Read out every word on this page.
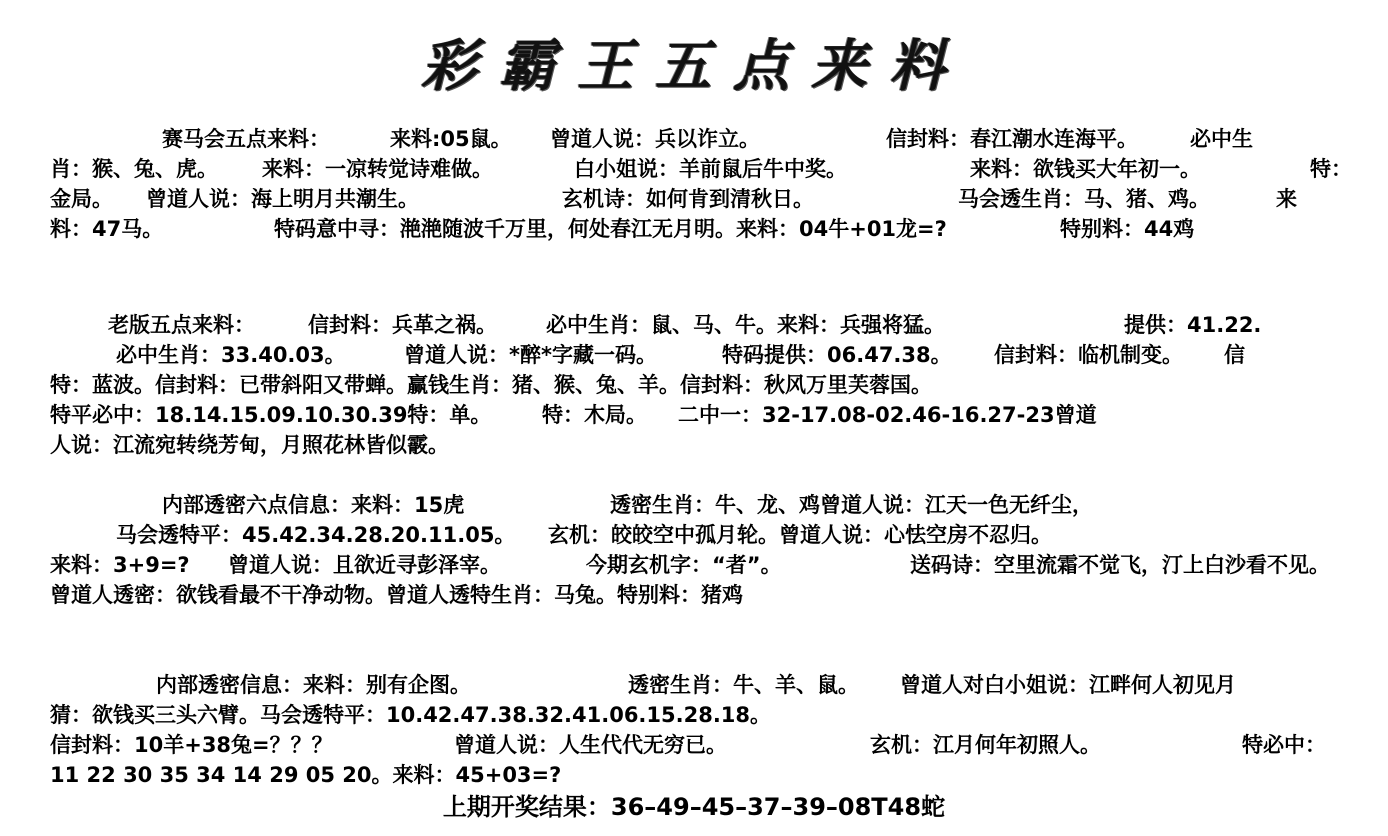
彩霸王五点来料
赛马会五点来料：	来料:05鼠。 曾道人说：兵以诈立。	信封料：春江潮水连海平。 必中生
肖：猴、兔、虎。 来料：一凉转觉诗难做。	白小姐说：羊前鼠后牛中奖。	来料：欲钱买大年初一。	特：
金局。 曾道人说：海上明月共潮生。	玄机诗：如何肯到清秋日。	马会透生肖：马、猪、鸡。	来
料：47马。	特码意中寻：滟滟随波千万里，何处春江无月明。来料：04牛+01龙=?	特别料：44鸡
老版五点来料：	信封料：兵革之祸。 必中生肖：鼠、马、牛。来料：兵强将猛。	提供：41.22.
必中生肖：33.40.03。	曾道人说：*醉*字藏一码。	特码提供：06.47.38。 信封料：临机制变。 信
特：蓝波。信封料：已带斜阳又带蝉。赢钱生肖：猪、猴、兔、羊。信封料：秋风万里芙蓉国。
特平必中：18.14.15.09.10.30.39特：单。 特：木局。 二中一：32-17.08-02.46-16.27-23曾道
人说：江流宛转绕芳甸，月照花林皆似霰。
内部透密六点信息：来料：15虎	透密生肖：牛、龙、鸡曾道人说：江天一色无纤尘，
马会透特平：45.42.34.28.20.11.05。 玄机：皎皎空中孤月轮。曾道人说：心怯空房不忍归。
来料：3+9=? 曾道人说：且欲近寻彭泽宰。	今期玄机字：“者”。	送码诗：空里流霜不觉飞，汀上白沙看不见。
曾道人透密：欲钱看最不干净动物。曾道人透特生肖：马兔。特别料：猪鸡
内部透密信息：来料：别有企图。	透密生肖：牛、羊、鼠。 曾道人对白小姐说：江畔何人初见月
猜：欲钱买三头六臂。马会透特平：10.42.47.38.32.41.06.15.28.18。
信封料：10羊+38兔=？？？	曾道人说：人生代代无穷已。	玄机：江月何年初照人。	特必中：
11 22 30 35 34 14 29 05 20。来料：45+03=?
上期开奖结果：36–49–45–37–39–08T48蛇
